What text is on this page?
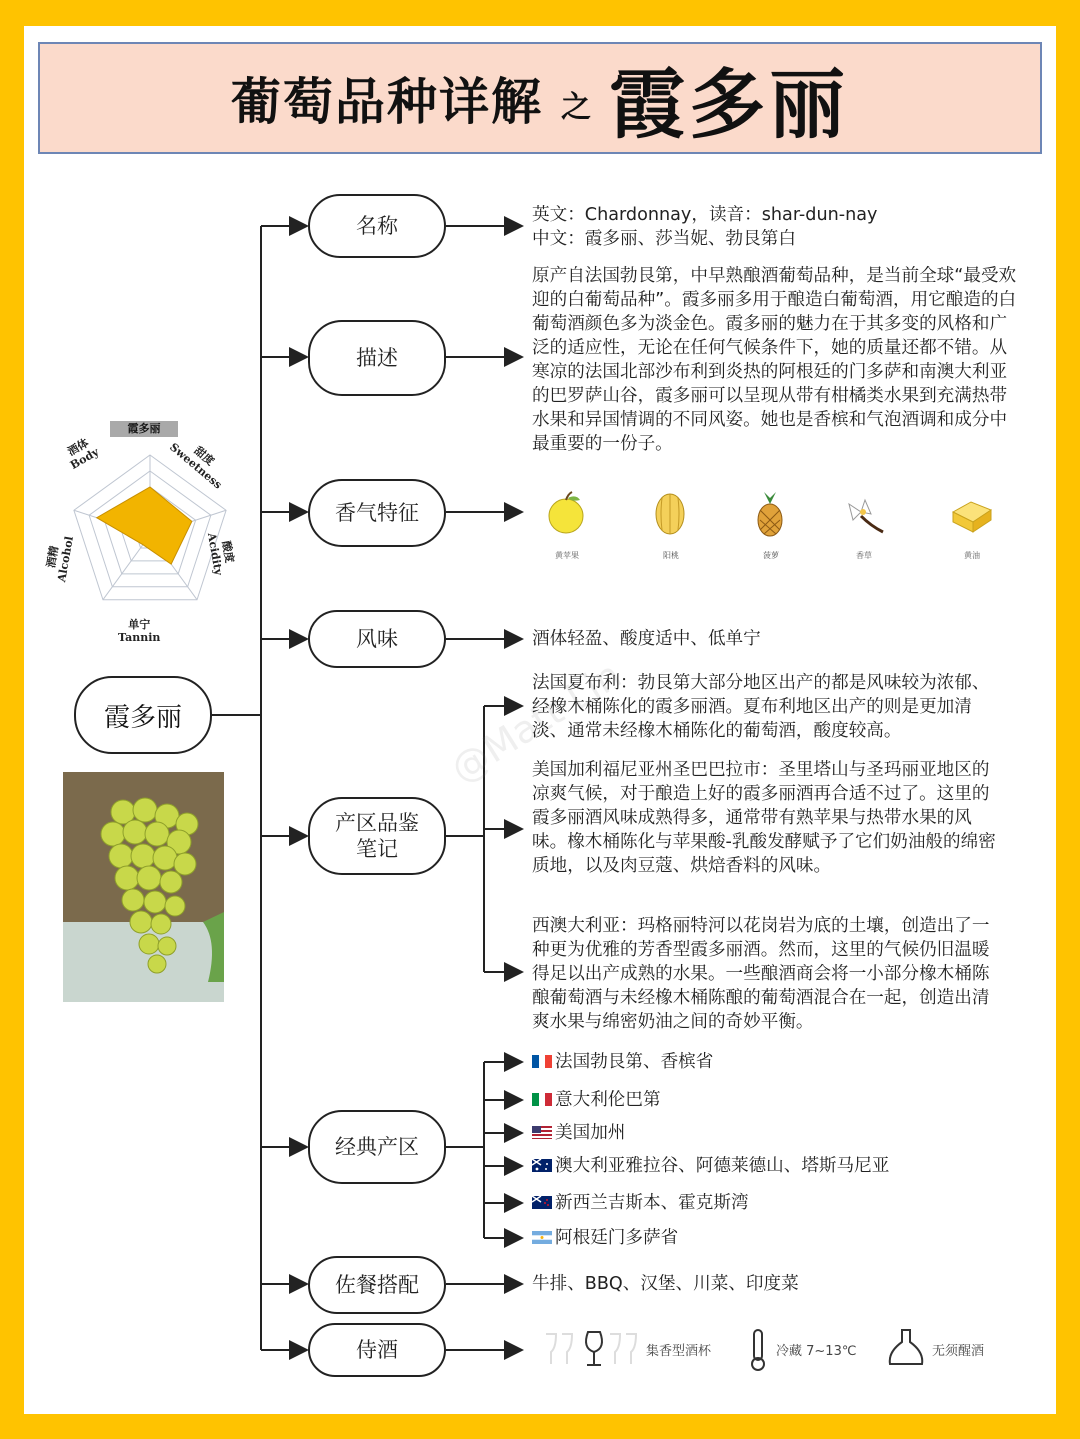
葡萄品种详解 之 霞多丽
霞多丽
酒体
Body	甜度
Sweetness
酸度
Acidity
单宁
Tannin
酒精
Alcohol
霞多丽	@Matt Lin
名称
描述
香气特征
风味
产区品鉴笔记
经典产区
佐餐搭配
侍酒

英文：Chardonnay，读音：shar-dun-nay

中文：霞多丽、莎当妮、勃艮第白

原产自法国勃艮第，中早熟酿酒葡萄品种，是当前全球“最受欢迎的白葡萄品种”。霞多丽多用于酿造白葡萄酒，用它酿造的白葡萄酒颜色多为淡金色。霞多丽的魅力在于其多变的风格和广泛的适应性，无论在任何气候条件下，她的质量还都不错。从寒凉的法国北部沙布利到炎热的阿根廷的门多萨和南澳大利亚的巴罗萨山谷，霞多丽可以呈现从带有柑橘类水果到充满热带水果和异国情调的不同风姿。她也是香槟和气泡酒调和成分中最重要的一份子。
黄苹果	阳桃	菠萝	香草	黄油
酒体轻盈、酸度适中、低单宁
法国夏布利：勃艮第大部分地区出产的都是风味较为浓郁、经橡木桶陈化的霞多丽酒。夏布利地区出产的则是更加清淡、通常未经橡木桶陈化的葡萄酒，酸度较高。
美国加利福尼亚州圣巴巴拉市：圣里塔山与圣玛丽亚地区的凉爽气候，对于酿造上好的霞多丽酒再合适不过了。这里的霞多丽酒风味成熟得多，通常带有熟苹果与热带水果的风味。橡木桶陈化与苹果酸-乳酸发酵赋予了它们奶油般的绵密质地，以及肉豆蔻、烘焙香料的风味。
西澳大利亚：玛格丽特河以花岗岩为底的土壤，创造出了一种更为优雅的芳香型霞多丽酒。然而，这里的气候仍旧温暖得足以出产成熟的水果。一些酿酒商会将一小部分橡木桶陈酿葡萄酒与未经橡木桶陈酿的葡萄酒混合在一起，创造出清爽水果与绵密奶油之间的奇妙平衡。
法国勃艮第、香槟省
意大利伦巴第
美国加州
澳大利亚雅拉谷、阿德莱德山、塔斯马尼亚
新西兰吉斯本、霍克斯湾
阿根廷门多萨省
牛排、BBQ、汉堡、川菜、印度菜
集香型酒杯	冷藏 7~13℃	无须醒酒
